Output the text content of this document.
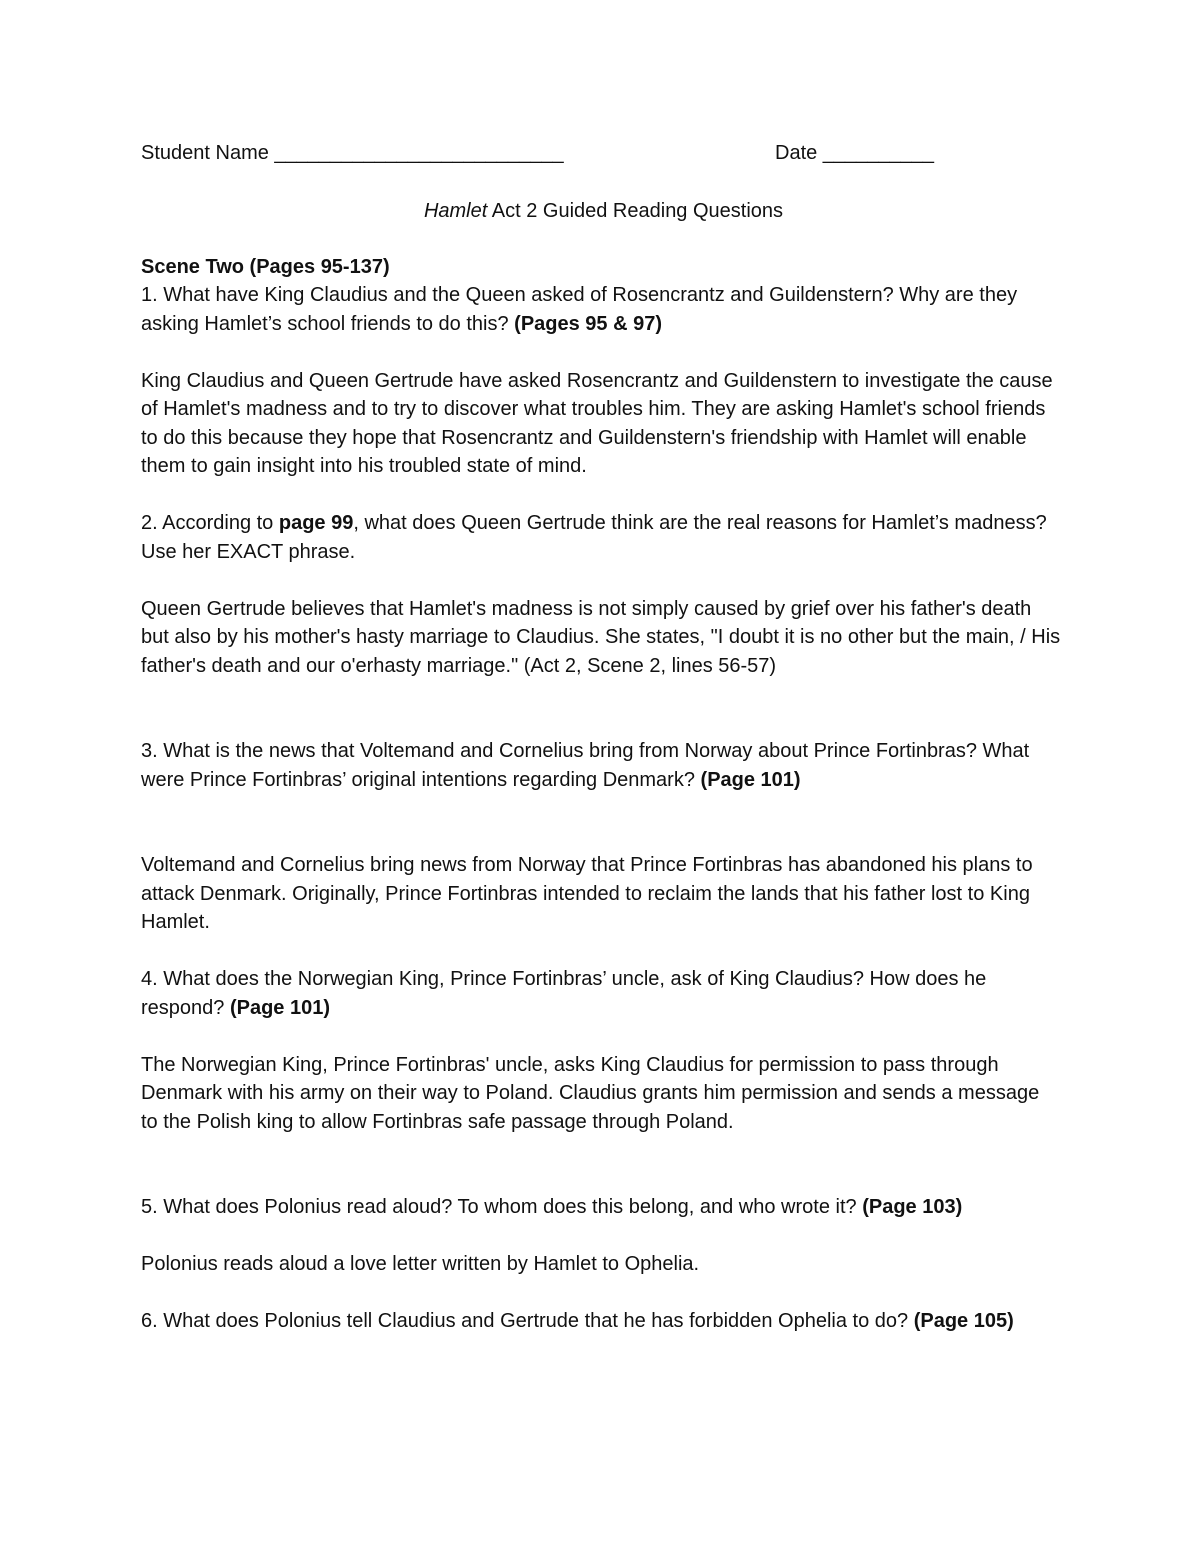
Student Name __________________________	Date __________
Hamlet Act 2 Guided Reading Questions
Scene Two (Pages 95-137)

1. What have King Claudius and the Queen asked of Rosencrantz and Guildenstern? Why are they asking Hamlet’s school friends to do this? (Pages 95 & 97)

King Claudius and Queen Gertrude have asked Rosencrantz and Guildenstern to investigate the cause of Hamlet's madness and to try to discover what troubles him. They are asking Hamlet's school friends to do this because they hope that Rosencrantz and Guildenstern's friendship with Hamlet will enable them to gain insight into his troubled state of mind.

2. According to page 99, what does Queen Gertrude think are the real reasons for Hamlet’s madness? Use her EXACT phrase.

Queen Gertrude believes that Hamlet's madness is not simply caused by grief over his father's death but also by his mother's hasty marriage to Claudius. She states, "I doubt it is no other but the main, / His father's death and our o'erhasty marriage." (Act 2, Scene 2, lines 56-57)

3. What is the news that Voltemand and Cornelius bring from Norway about Prince Fortinbras? What were Prince Fortinbras’ original intentions regarding Denmark? (Page 101)

Voltemand and Cornelius bring news from Norway that Prince Fortinbras has abandoned his plans to attack Denmark. Originally, Prince Fortinbras intended to reclaim the lands that his father lost to King Hamlet.

4. What does the Norwegian King, Prince Fortinbras’ uncle, ask of King Claudius? How does he respond? (Page 101)

The Norwegian King, Prince Fortinbras' uncle, asks King Claudius for permission to pass through Denmark with his army on their way to Poland. Claudius grants him permission and sends a message to the Polish king to allow Fortinbras safe passage through Poland.

5. What does Polonius read aloud? To whom does this belong, and who wrote it? (Page 103)

Polonius reads aloud a love letter written by Hamlet to Ophelia.

6. What does Polonius tell Claudius and Gertrude that he has forbidden Ophelia to do? (Page 105)
